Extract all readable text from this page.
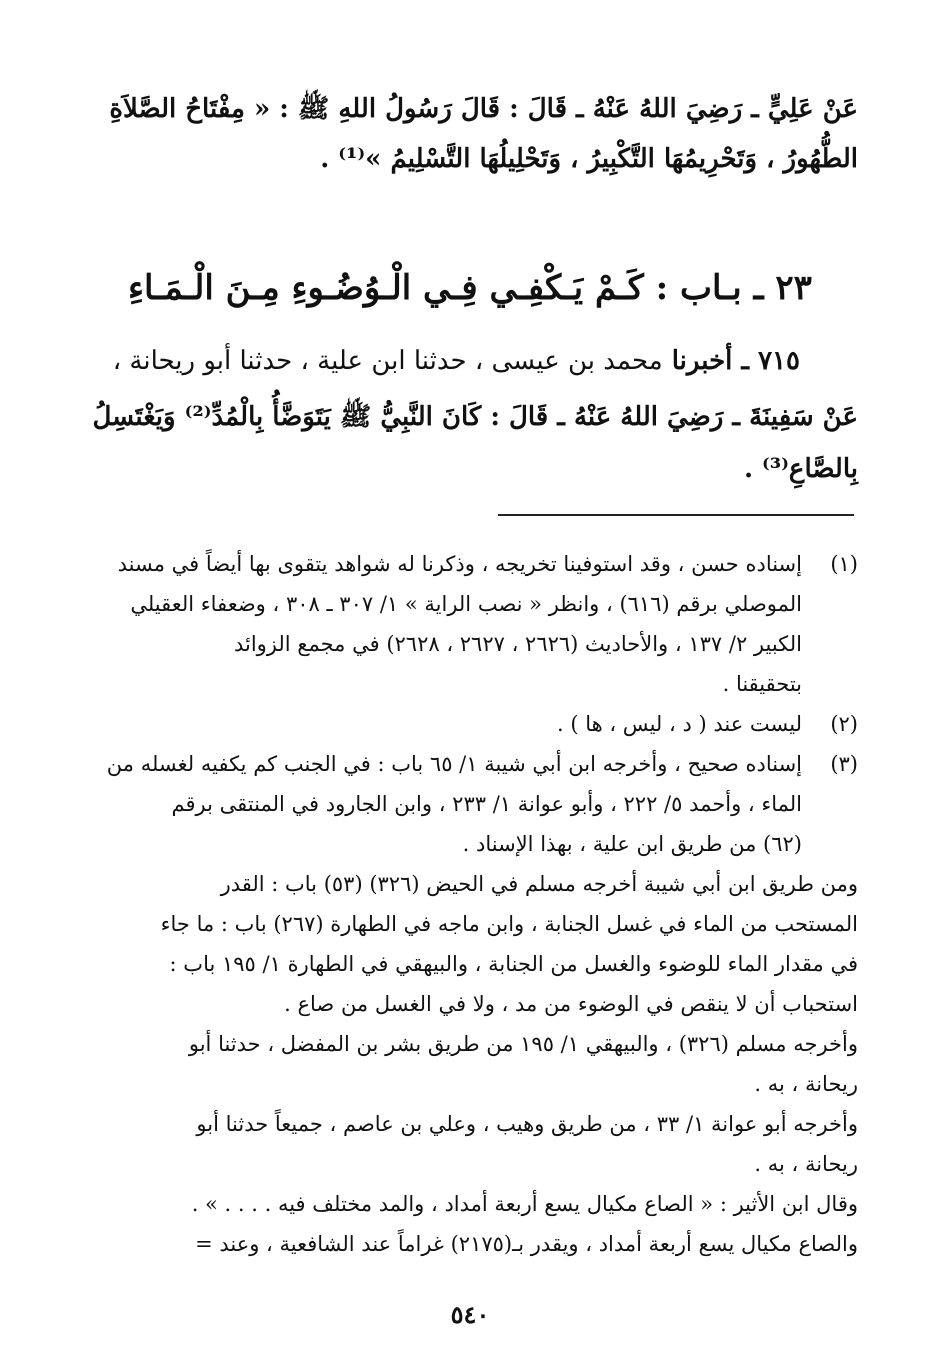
عَنْ عَلِيٍّ ـ رَضِيَ اللهُ عَنْهُ ـ قَالَ : قَالَ رَسُولُ اللهِ ﷺ : « مِفْتَاحُ الصَّلاَةِ
الطُّهُورُ ، وَتَحْرِيمُهَا التَّكْبِيرُ ، وَتَحْلِيلُهَا التَّسْلِيمُ »⁽¹⁾ .
٢٣ ـ بـاب : كَـمْ يَـكْفِـي فِـي الْـوُضُـوءِ مِـنَ الْـمَـاءِ
٧١٥ ـ أخبرنا محمد بن عيسى ، حدثنا ابن علية ، حدثنا أبو ريحانة ،
عَنْ سَفِينَةَ ـ رَضِيَ اللهُ عَنْهُ ـ قَالَ : كَانَ النَّبِيُّ ﷺ يَتَوَضَّأُ بِالْمُدِّ⁽²⁾ وَيَغْتَسِلُ
بِالصَّاعِ⁽³⁾ .
(١)إسناده حسن ، وقد استوفينا تخريجه ، وذكرنا له شواهد يتقوى بها أيضاً في مسند
الموصلي برقم (٦١٦) ، وانظر « نصب الراية » ١/ ٣٠٧ ـ ٣٠٨ ، وضعفاء العقيلي
الكبير ٢/ ١٣٧ ، والأحاديث (٢٦٢٦ ، ٢٦٢٧ ، ٢٦٢٨) في مجمع الزوائد
بتحقيقنا .
(٢)ليست عند ( د ، ليس ، ها ) .
(٣)إسناده صحيح ، وأخرجه ابن أبي شيبة ١/ ٦٥ باب : في الجنب كم يكفيه لغسله من
الماء ، وأحمد ٥/ ٢٢٢ ، وأبو عوانة ١/ ٢٣٣ ، وابن الجارود في المنتقى برقم
(٦٢) من طريق ابن علية ، بهذا الإسناد .
ومن طريق ابن أبي شيبة أخرجه مسلم في الحيض (٣٢٦) (٥٣) باب : القدر
المستحب من الماء في غسل الجنابة ، وابن ماجه في الطهارة (٢٦٧) باب : ما جاء
في مقدار الماء للوضوء والغسل من الجنابة ، والبيهقي في الطهارة ١/ ١٩٥ باب :
استحباب أن لا ينقص في الوضوء من مد ، ولا في الغسل من صاع .
وأخرجه مسلم (٣٢٦) ، والبيهقي ١/ ١٩٥ من طريق بشر بن المفضل ، حدثنا أبو
ريحانة ، به .
وأخرجه أبو عوانة ١/ ٣٣ ، من طريق وهيب ، وعلي بن عاصم ، جميعاً حدثنا أبو
ريحانة ، به .
وقال ابن الأثير : « الصاع مكيال يسع أربعة أمداد ، والمد مختلف فيه . . . . » .
والصاع مكيال يسع أربعة أمداد ، ويقدر بـ(٢١٧٥) غراماً عند الشافعية ، وعند =
٥٤٠
